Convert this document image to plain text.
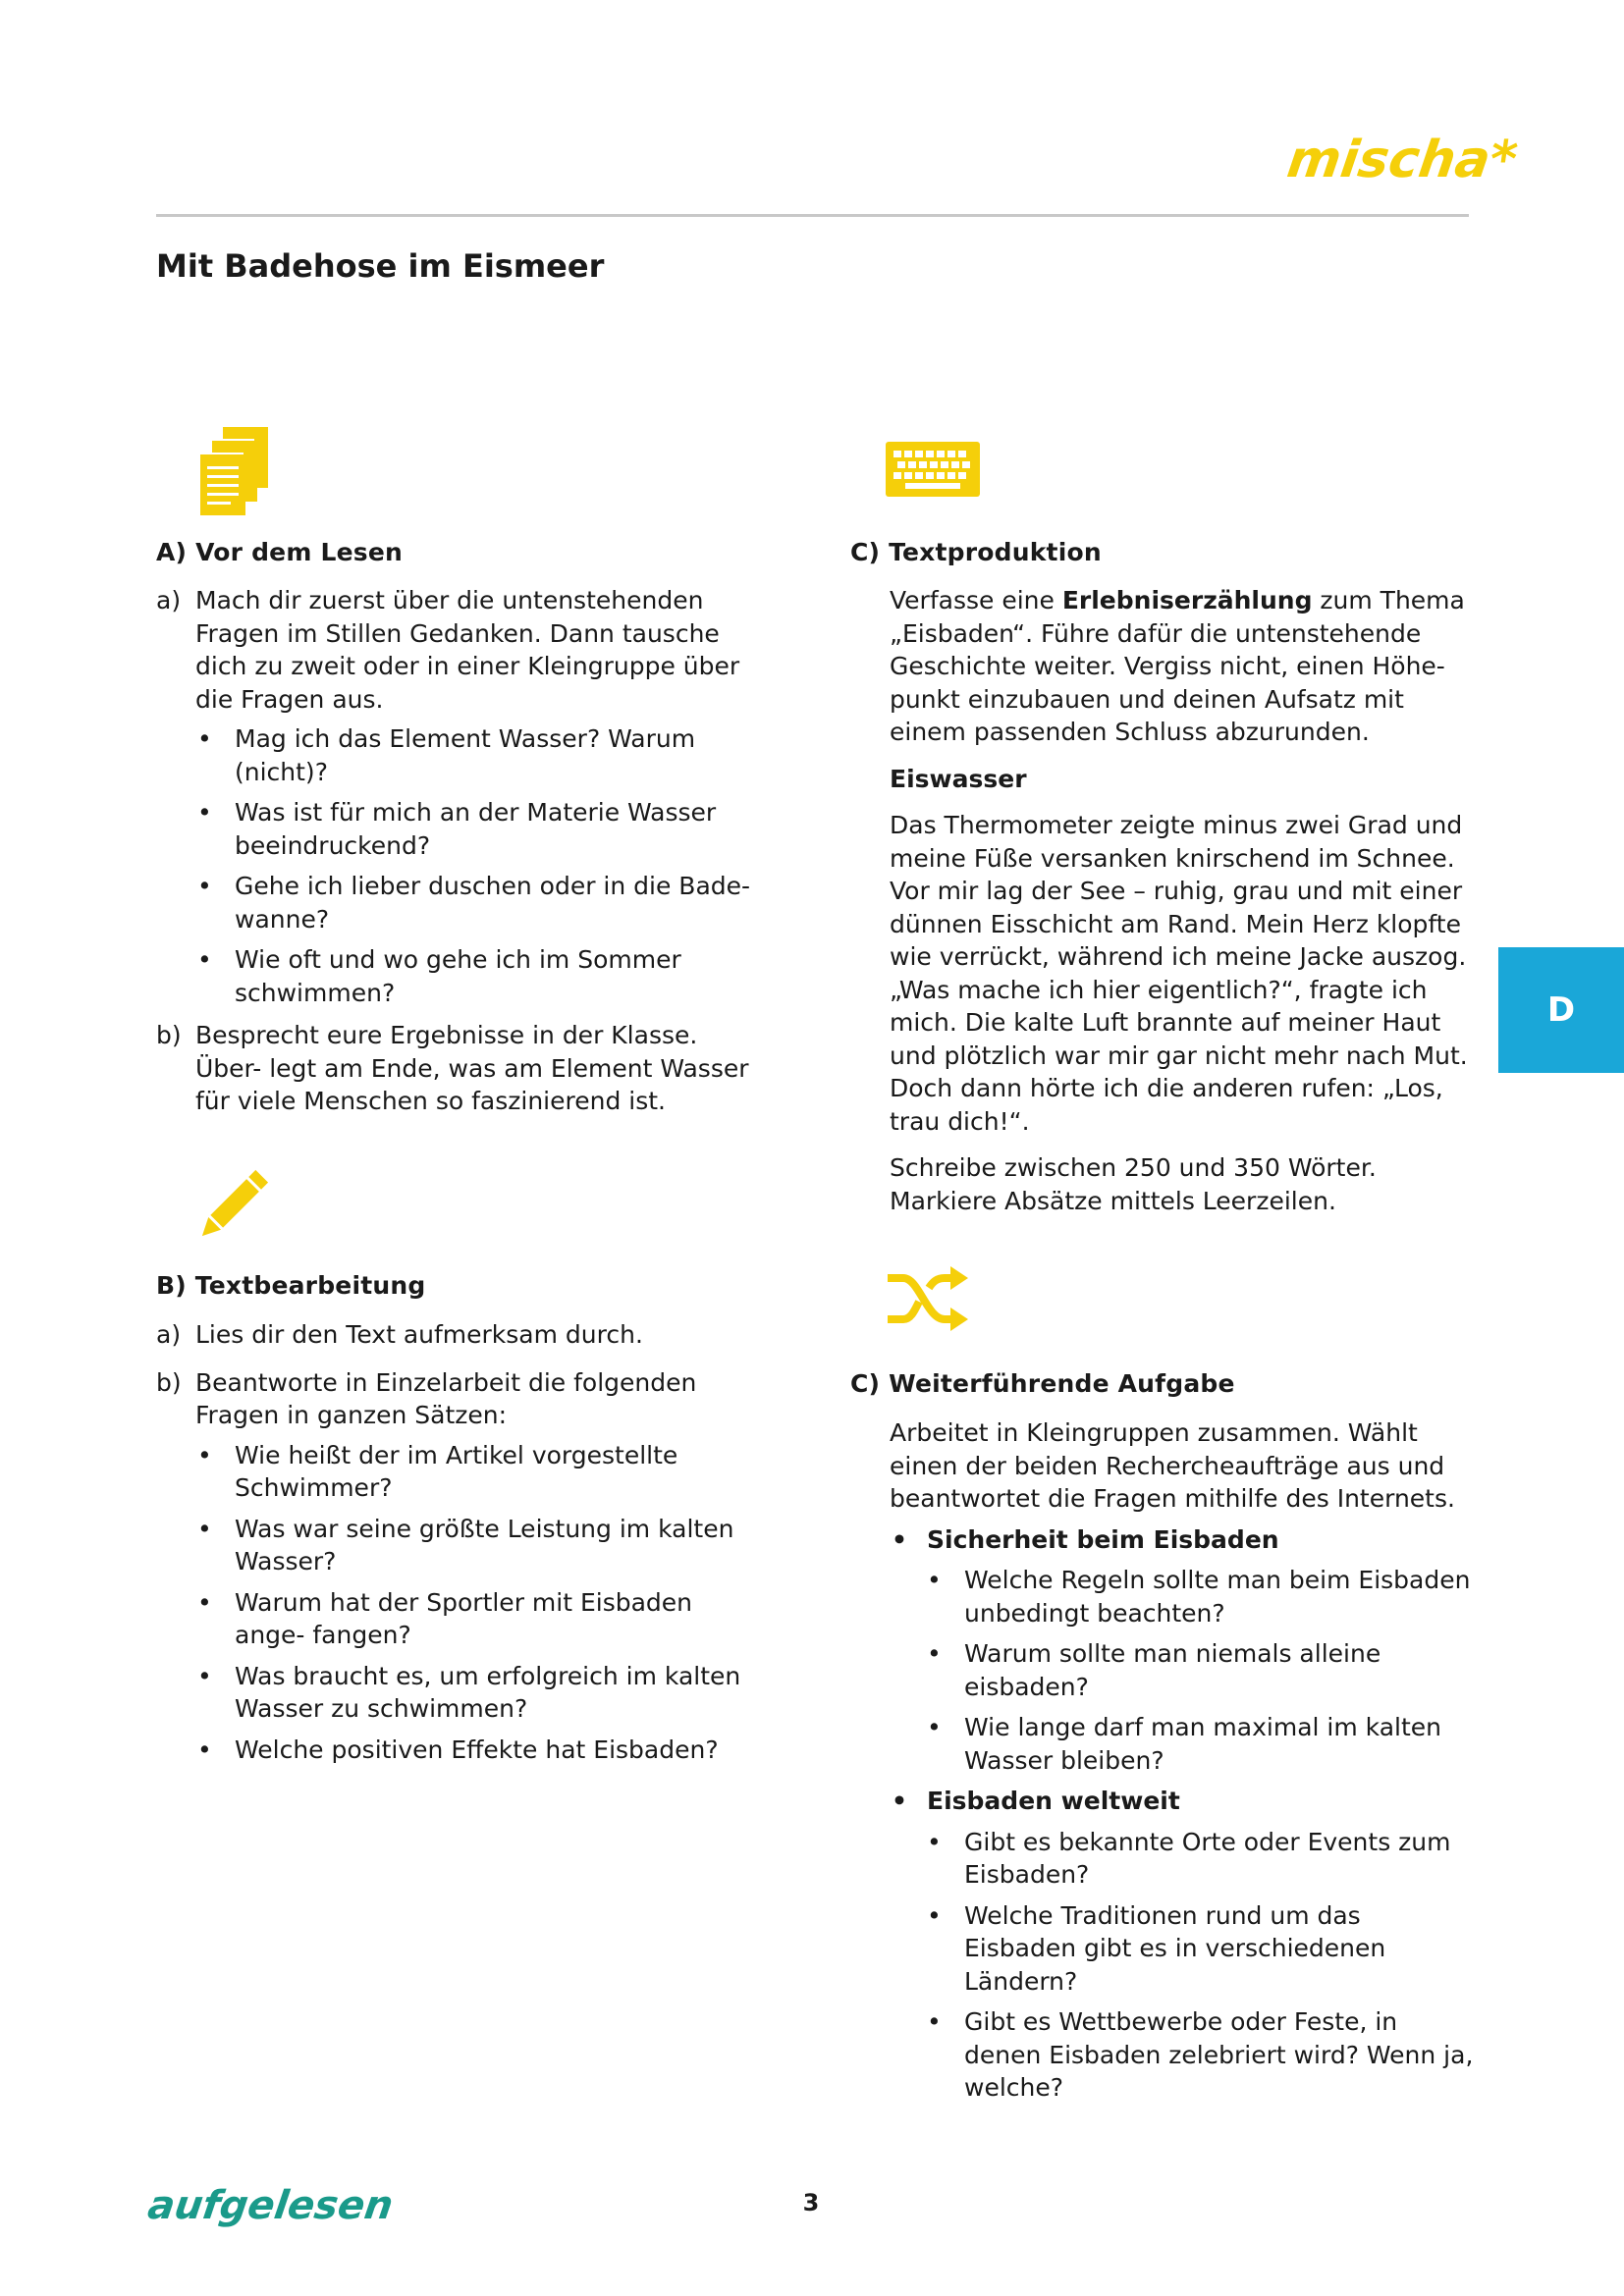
mischa*
Mit Badehose im Eismeer
A) Vor dem Lesen
a) Mach dir zuerst über die untenstehenden Fragen im Stillen Gedanken. Dann tausche dich zu zweit oder in einer Kleingruppe über die Fragen aus.
• Mag ich das Element Wasser? Warum (nicht)?
• Was ist für mich an der Materie Wasser beeindruckend?
• Gehe ich lieber duschen oder in die Bade- wanne?
• Wie oft und wo gehe ich im Sommer schwimmen?
b) Besprecht eure Ergebnisse in der Klasse. Über- legt am Ende, was am Element Wasser für viele Menschen so faszinierend ist.
B) Textbearbeitung
a) Lies dir den Text aufmerksam durch.
b) Beantworte in Einzelarbeit die folgenden Fragen in ganzen Sätzen:
• Wie heißt der im Artikel vorgestellte Schwimmer?
• Was war seine größte Leistung im kalten Wasser?
• Warum hat der Sportler mit Eisbaden ange- fangen?
• Was braucht es, um erfolgreich im kalten Wasser zu schwimmen?
• Welche positiven Effekte hat Eisbaden?
C) Textproduktion

Verfasse eine Erlebniserzählung zum Thema „Eisbaden“. Führe dafür die untenstehende Geschichte weiter. Vergiss nicht, einen Höhe- punkt einzubauen und deinen Aufsatz mit einem passenden Schluss abzurunden.

Eiswasser

Das Thermometer zeigte minus zwei Grad und meine Füße versanken knirschend im Schnee. Vor mir lag der See – ruhig, grau und mit einer dünnen Eisschicht am Rand. Mein Herz klopfte wie verrückt, während ich meine Jacke auszog. „Was mache ich hier eigentlich?“, fragte ich mich. Die kalte Luft brannte auf meiner Haut und plötzlich war mir gar nicht mehr nach Mut. Doch dann hörte ich die anderen rufen: „Los, trau dich!“.

Schreibe zwischen 250 und 350 Wörter. Markiere Absätze mittels Leerzeilen.

C) Weiterführende Aufgabe

Arbeitet in Kleingruppen zusammen. Wählt einen der beiden Rechercheaufträge aus und beantwortet die Fragen mithilfe des Internets.

• Sicherheit beim Eisbaden
• Welche Regeln sollte man beim Eisbaden unbedingt beachten?
• Warum sollte man niemals alleine eisbaden?
• Wie lange darf man maximal im kalten Wasser bleiben?
• Eisbaden weltweit
• Gibt es bekannte Orte oder Events zum Eisbaden?
• Welche Traditionen rund um das Eisbaden gibt es in verschiedenen Ländern?
• Gibt es Wettbewerbe oder Feste, in denen Eisbaden zelebriert wird? Wenn ja, welche?
D
aufgelesen	3
